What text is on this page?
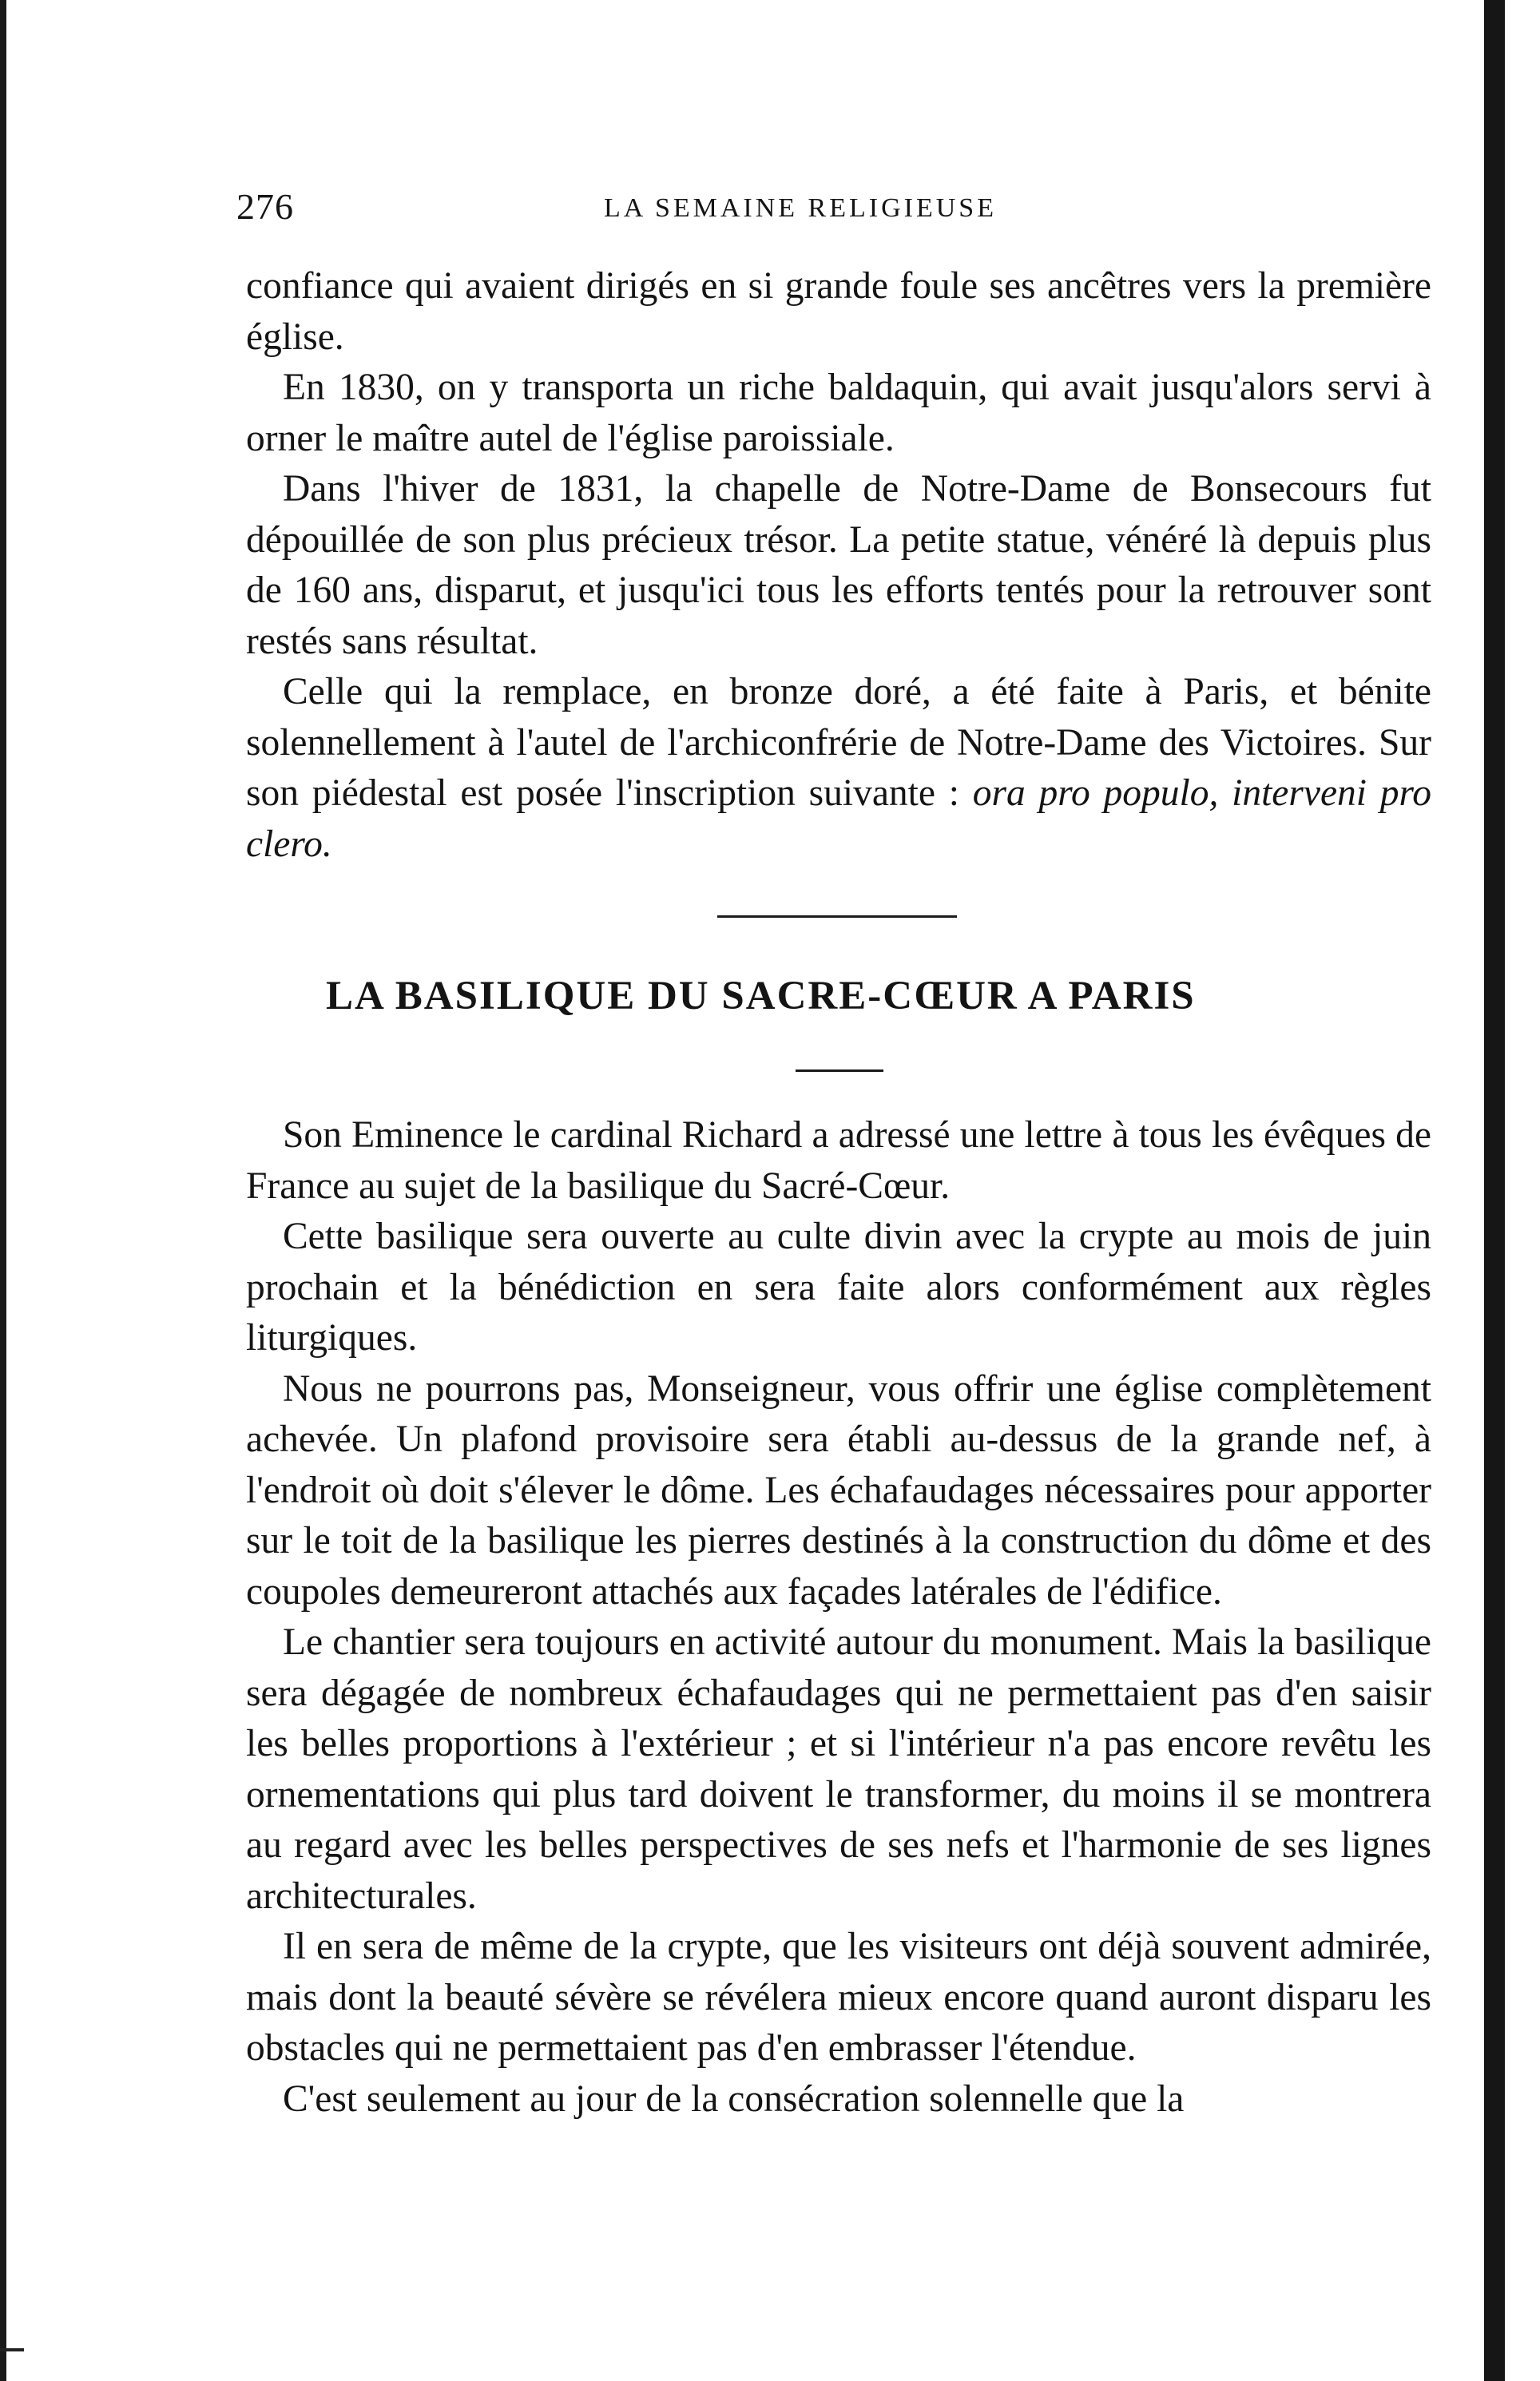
276	LA SEMAINE RELIGIEUSE

confiance qui avaient dirigés en si grande foule ses ancêtres vers la première église.

En 1830, on y transporta un riche baldaquin, qui avait jusqu'alors servi à orner le maître autel de l'église paroissiale.

Dans l'hiver de 1831, la chapelle de Notre-Dame de Bonsecours fut dépouillée de son plus précieux trésor. La petite statue, vénéré là depuis plus de 160 ans, disparut, et jusqu'ici tous les efforts tentés pour la retrouver sont restés sans résultat.

Celle qui la remplace, en bronze doré, a été faite à Paris, et bénite solennellement à l'autel de l'archiconfrérie de Notre-Dame des Victoires. Sur son piédestal est posée l'inscription suivante : ora pro populo, interveni pro clero.

LA BASILIQUE DU SACRE-CŒUR A PARIS

Son Eminence le cardinal Richard a adressé une lettre à tous les évêques de France au sujet de la basilique du Sacré-Cœur.

Cette basilique sera ouverte au culte divin avec la crypte au mois de juin prochain et la bénédiction en sera faite alors conformément aux règles liturgiques.

Nous ne pourrons pas, Monseigneur, vous offrir une église complètement achevée. Un plafond provisoire sera établi au-dessus de la grande nef, à l'endroit où doit s'élever le dôme. Les échafaudages nécessaires pour apporter sur le toit de la basilique les pierres destinés à la construction du dôme et des coupoles demeureront attachés aux façades latérales de l'édifice.

Le chantier sera toujours en activité autour du monument. Mais la basilique sera dégagée de nombreux échafaudages qui ne permettaient pas d'en saisir les belles proportions à l'extérieur ; et si l'intérieur n'a pas encore revêtu les ornementations qui plus tard doivent le transformer, du moins il se montrera au regard avec les belles perspectives de ses nefs et l'harmonie de ses lignes architecturales.

Il en sera de même de la crypte, que les visiteurs ont déjà souvent admirée, mais dont la beauté sévère se révélera mieux encore quand auront disparu les obstacles qui ne permettaient pas d'en embrasser l'étendue.

C'est seulement au jour de la consécration solennelle que la
